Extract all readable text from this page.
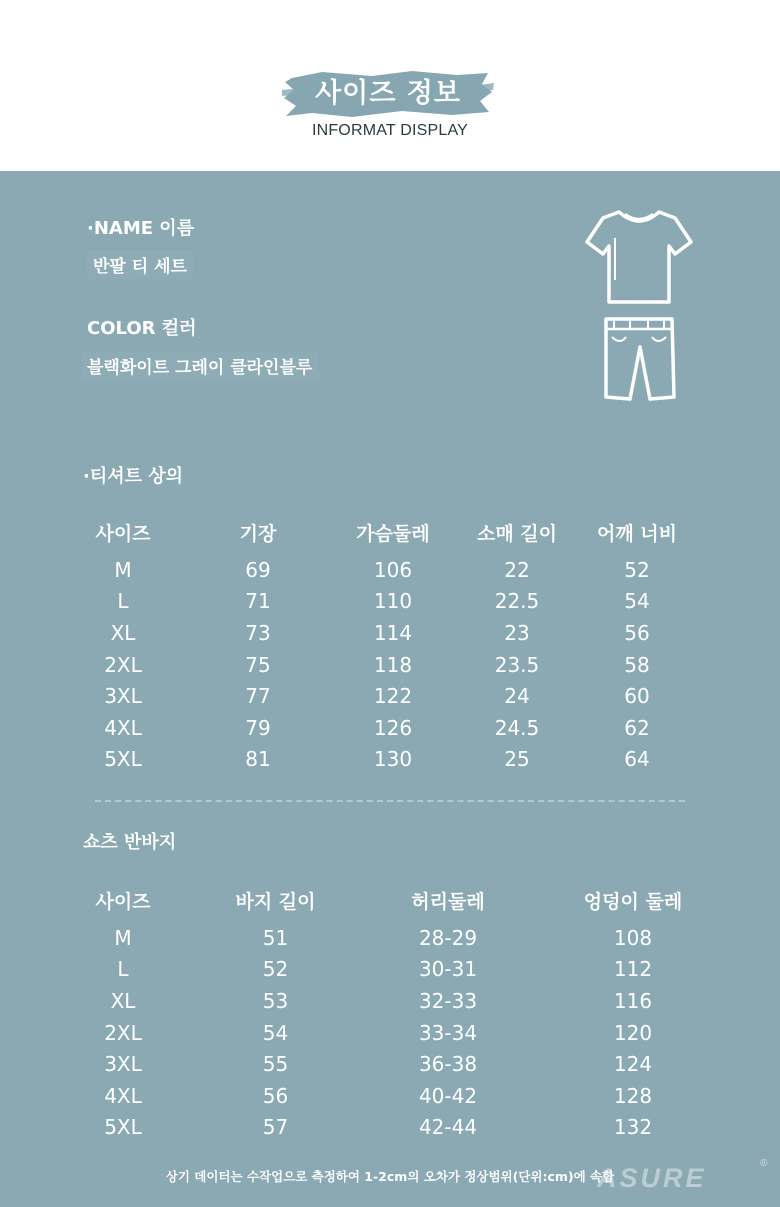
사이즈 정보
INFORMAT DISPLAY
·NAME 이름
반팔 티 세트
COLOR 컬러
블랙화이트 그레이 클라인블루
·티셔트 상의
사이즈	기장	가슴둘레	소매 길이	어깨 너비
M	69	106	22	52
L	71	110	22.5	54
XL	73	114	23	56
2XL	75	118	23.5	58
3XL	77	122	24	60
4XL	79	126	24.5	62
5XL	81	130	25	64
쇼츠 반바지
사이즈	바지 길이	허리둘레	엉덩이 둘레
M	51	28-29	108
L	52	30-31	112
XL	53	32-33	116
2XL	54	33-34	120
3XL	55	36-38	124
4XL	56	40-42	128
5XL	57	42-44	132
상기 데이터는 수작업으로 측정하여 1-2cm의 오차가 정상범위(단위:cm)에 속함
ASURE	®
